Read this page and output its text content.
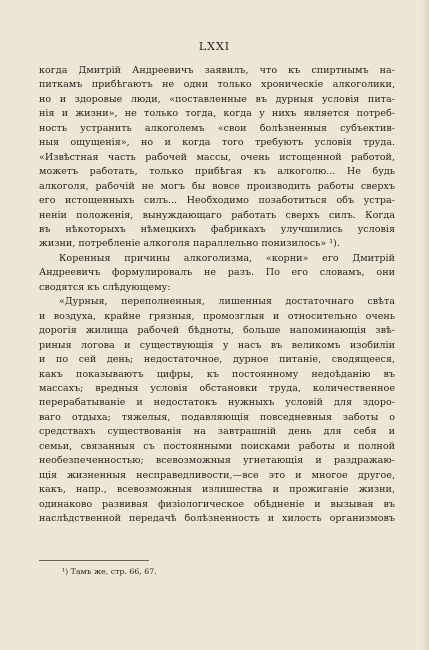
LXXI

когда Дмитрій Андреевичъ заявилъ, что къ спиртнымъ на-
питкамъ прибѣгаютъ не одни только хроническіе алкоголики,
но и здоровые люди, «поставленные въ дурныя условія пита-
нія и жизни», не только тогда, когда у нихъ является потреб-
ность устранить алкоголемъ «свои болѣзненныя субъектив-
ныя ощущенія», но и когда того требуютъ условія труда.
«Извѣстная часть рабочей массы, очень истощенной работой,
можетъ работать, только прибѣгая къ алкоголю... Не будь
алкоголя, рабочій не могъ бы вовсе производить работы сверхъ
его истощенныхъ силъ... Необходимо позаботиться объ устра-
неніи положенія, вынуждающаго работать сверхъ силъ. Когда
въ нѣкоторыхъ нѣмецкихъ фабрикахъ улучшились условія
жизни, потребленіе алкоголя параллельно понизилось» ¹).

Коренныя причины алкоголизма, «корни» его Дмитрій
Андреевичъ формулировалъ не разъ. По его словамъ, они
сводятся къ слѣдующему:

«Дурныя, переполненныя, лишенныя достаточнаго свѣта
и воздуха, крайне грязныя, промозглыя и относительно очень
дорогія жилища рабочей бѣдноты, больше напоминающія звѣ-
риныя логова и существующія у насъ въ великомъ изобиліи
и по сей день; недостаточное, дурное питаніе, сводящееся,
какъ показываютъ цифры, къ постоянному недоѣданію въ
массахъ; вредныя условія обстановки труда, количественное
перерабатываніе и недостатокъ нужныхъ условій для здоро-
ваго отдыха; тяжелыя, подавляющія повседневныя заботы о
средствахъ существованія на завтрашній день для себя и
семьи, связанныя съ постоянными поисками работы и полной
необезпеченностью; всевозможныя угнетающія и раздражаю-
щія жизненныя несправедливости,—все это и многое другое,
какъ, напр., всевозможныя излишества и прожиганіе жизни,
одинаково развивая физіологическое обѣдненіе и вызывая въ
наслѣдственной передачѣ болѣзненность и хилость организмовъ

¹) Тамъ же, стр. 66, 67.
